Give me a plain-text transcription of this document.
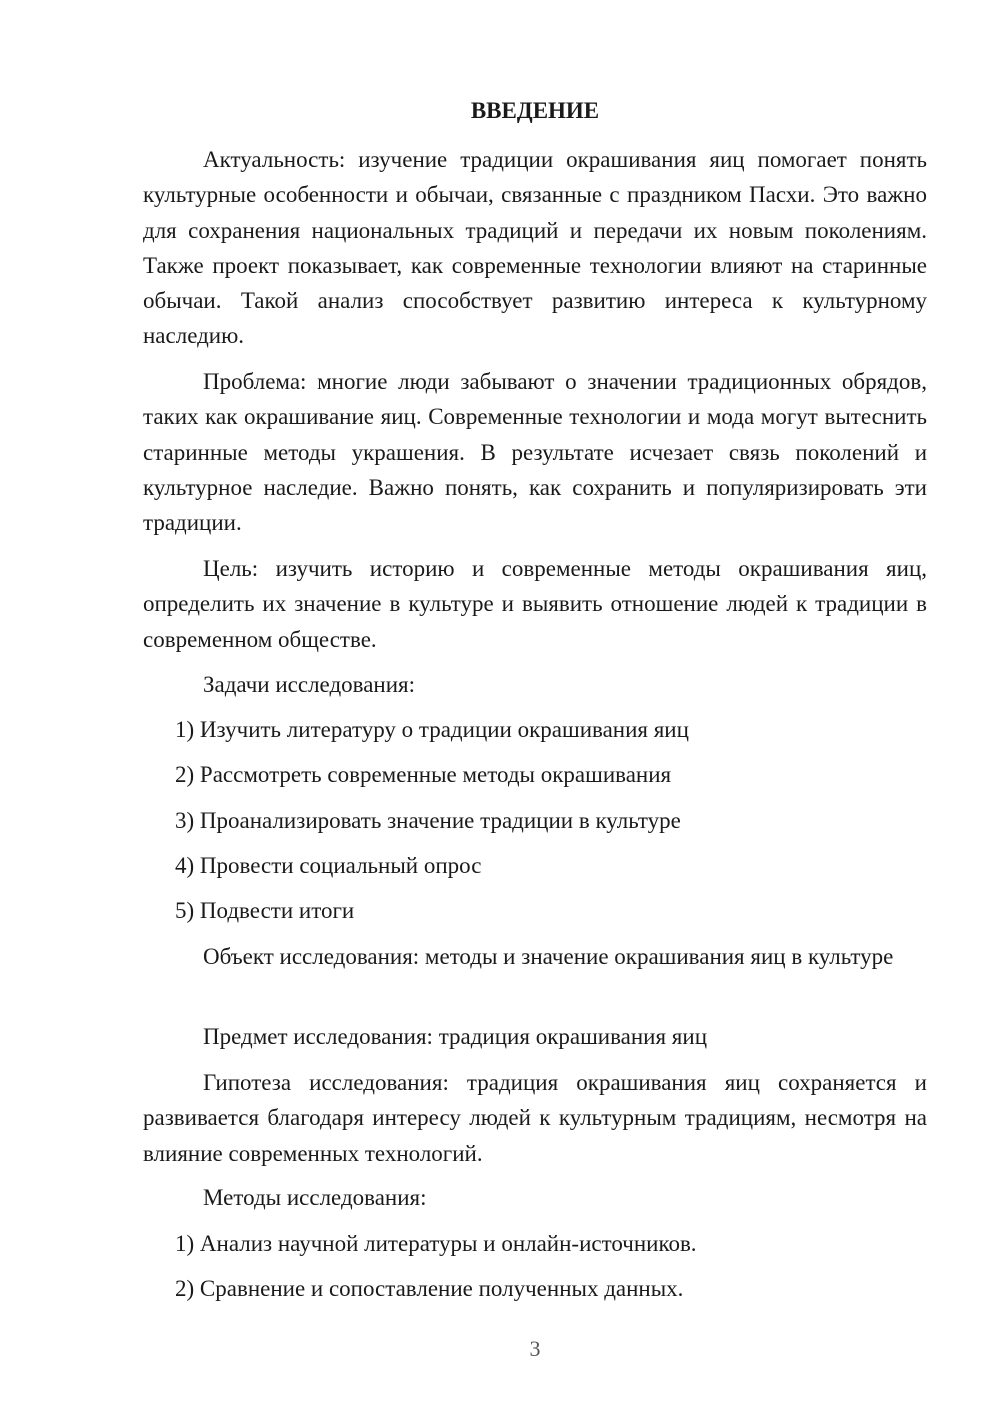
ВВЕДЕНИЕ

Актуальность: изучение традиции окрашивания яиц помогает понять культурные особенности и обычаи, связанные с праздником Пасхи. Это важно для сохранения национальных традиций и передачи их новым поколениям. Также проект показывает, как современные технологии влияют на старинные обычаи. Такой анализ способствует развитию интереса к культурному наследию.

Проблема: многие люди забывают о значении традиционных обрядов, таких как окрашивание яиц. Современные технологии и мода могут вытеснить старинные методы украшения. В результате исчезает связь поколений и культурное наследие. Важно понять, как сохранить и популяризировать эти традиции.

Цель: изучить историю и современные методы окрашивания яиц, определить их значение в культуре и выявить отношение людей к традиции в современном обществе.

Задачи исследования:

1) Изучить литературу о традиции окрашивания яиц

2) Рассмотреть современные методы окрашивания

3) Проанализировать значение традиции в культуре

4) Провести социальный опрос

5) Подвести итоги

Объект исследования: методы и значение окрашивания яиц в культуре

Предмет исследования: традиция окрашивания яиц

Гипотеза исследования: традиция окрашивания яиц сохраняется и развивается благодаря интересу людей к культурным традициям, несмотря на влияние современных технологий.

Методы исследования:

1) Анализ научной литературы и онлайн-источников.

2) Сравнение и сопоставление полученных данных.

3
